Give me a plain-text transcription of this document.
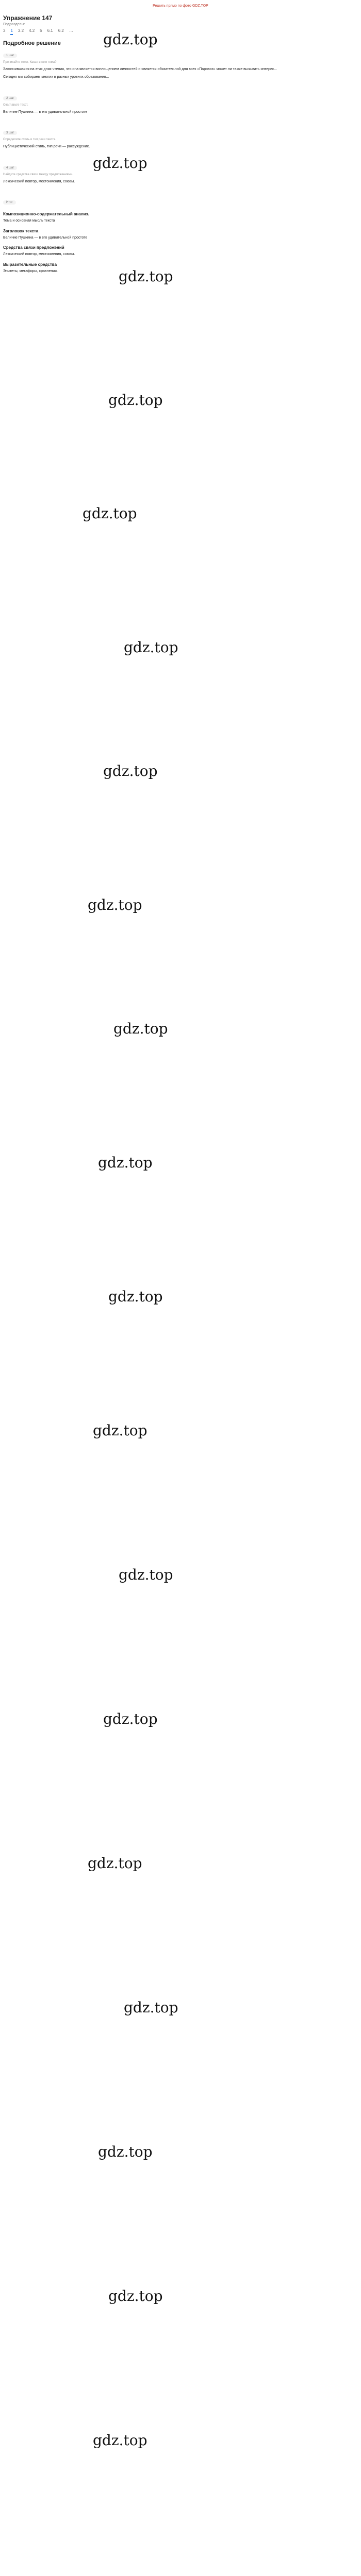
Решить прямо по фото GDZ.TOP
Упражнение 147
Подразделы:
3 1 3.2 4.2 5 6.1 6.2 …
Подробное решение
1 шаг
Прочитайте текст. Какая в нем тема?

Закончившаяся на этих днях чтения, что она является воплощением личностей и является обязательной для всех «Паровоз» может ли также вызывать интерес...

Сегодня мы собираем многих в разных уровнях образования...

2 шаг
Озаглавьте текст.

Величие Пушкина — в его удивительной простоте

3 шаг
Определите стиль и тип речи текста.

Публицистический стиль, тип речи — рассуждение.

4 шаг
Найдите средства связи между предложениями.

Лексический повтор, местоимения, союзы.

Итог
Композиционно-содержательный анализ.

Тема и основная мысль текста

Заголовок текста

Величие Пушкина — в его удивительной простоте

Средства связи предложений

Лексический повтор, местоимения, союзы.

Выразительные средства

Эпитеты, метафоры, сравнения.

gdz.top
gdz.top
gdz.top
gdz.top
gdz.top
gdz.top
gdz.top
gdz.top
gdz.top
gdz.top
gdz.top
gdz.top
gdz.top
gdz.top
gdz.top
gdz.top
gdz.top
gdz.top
gdz.top
